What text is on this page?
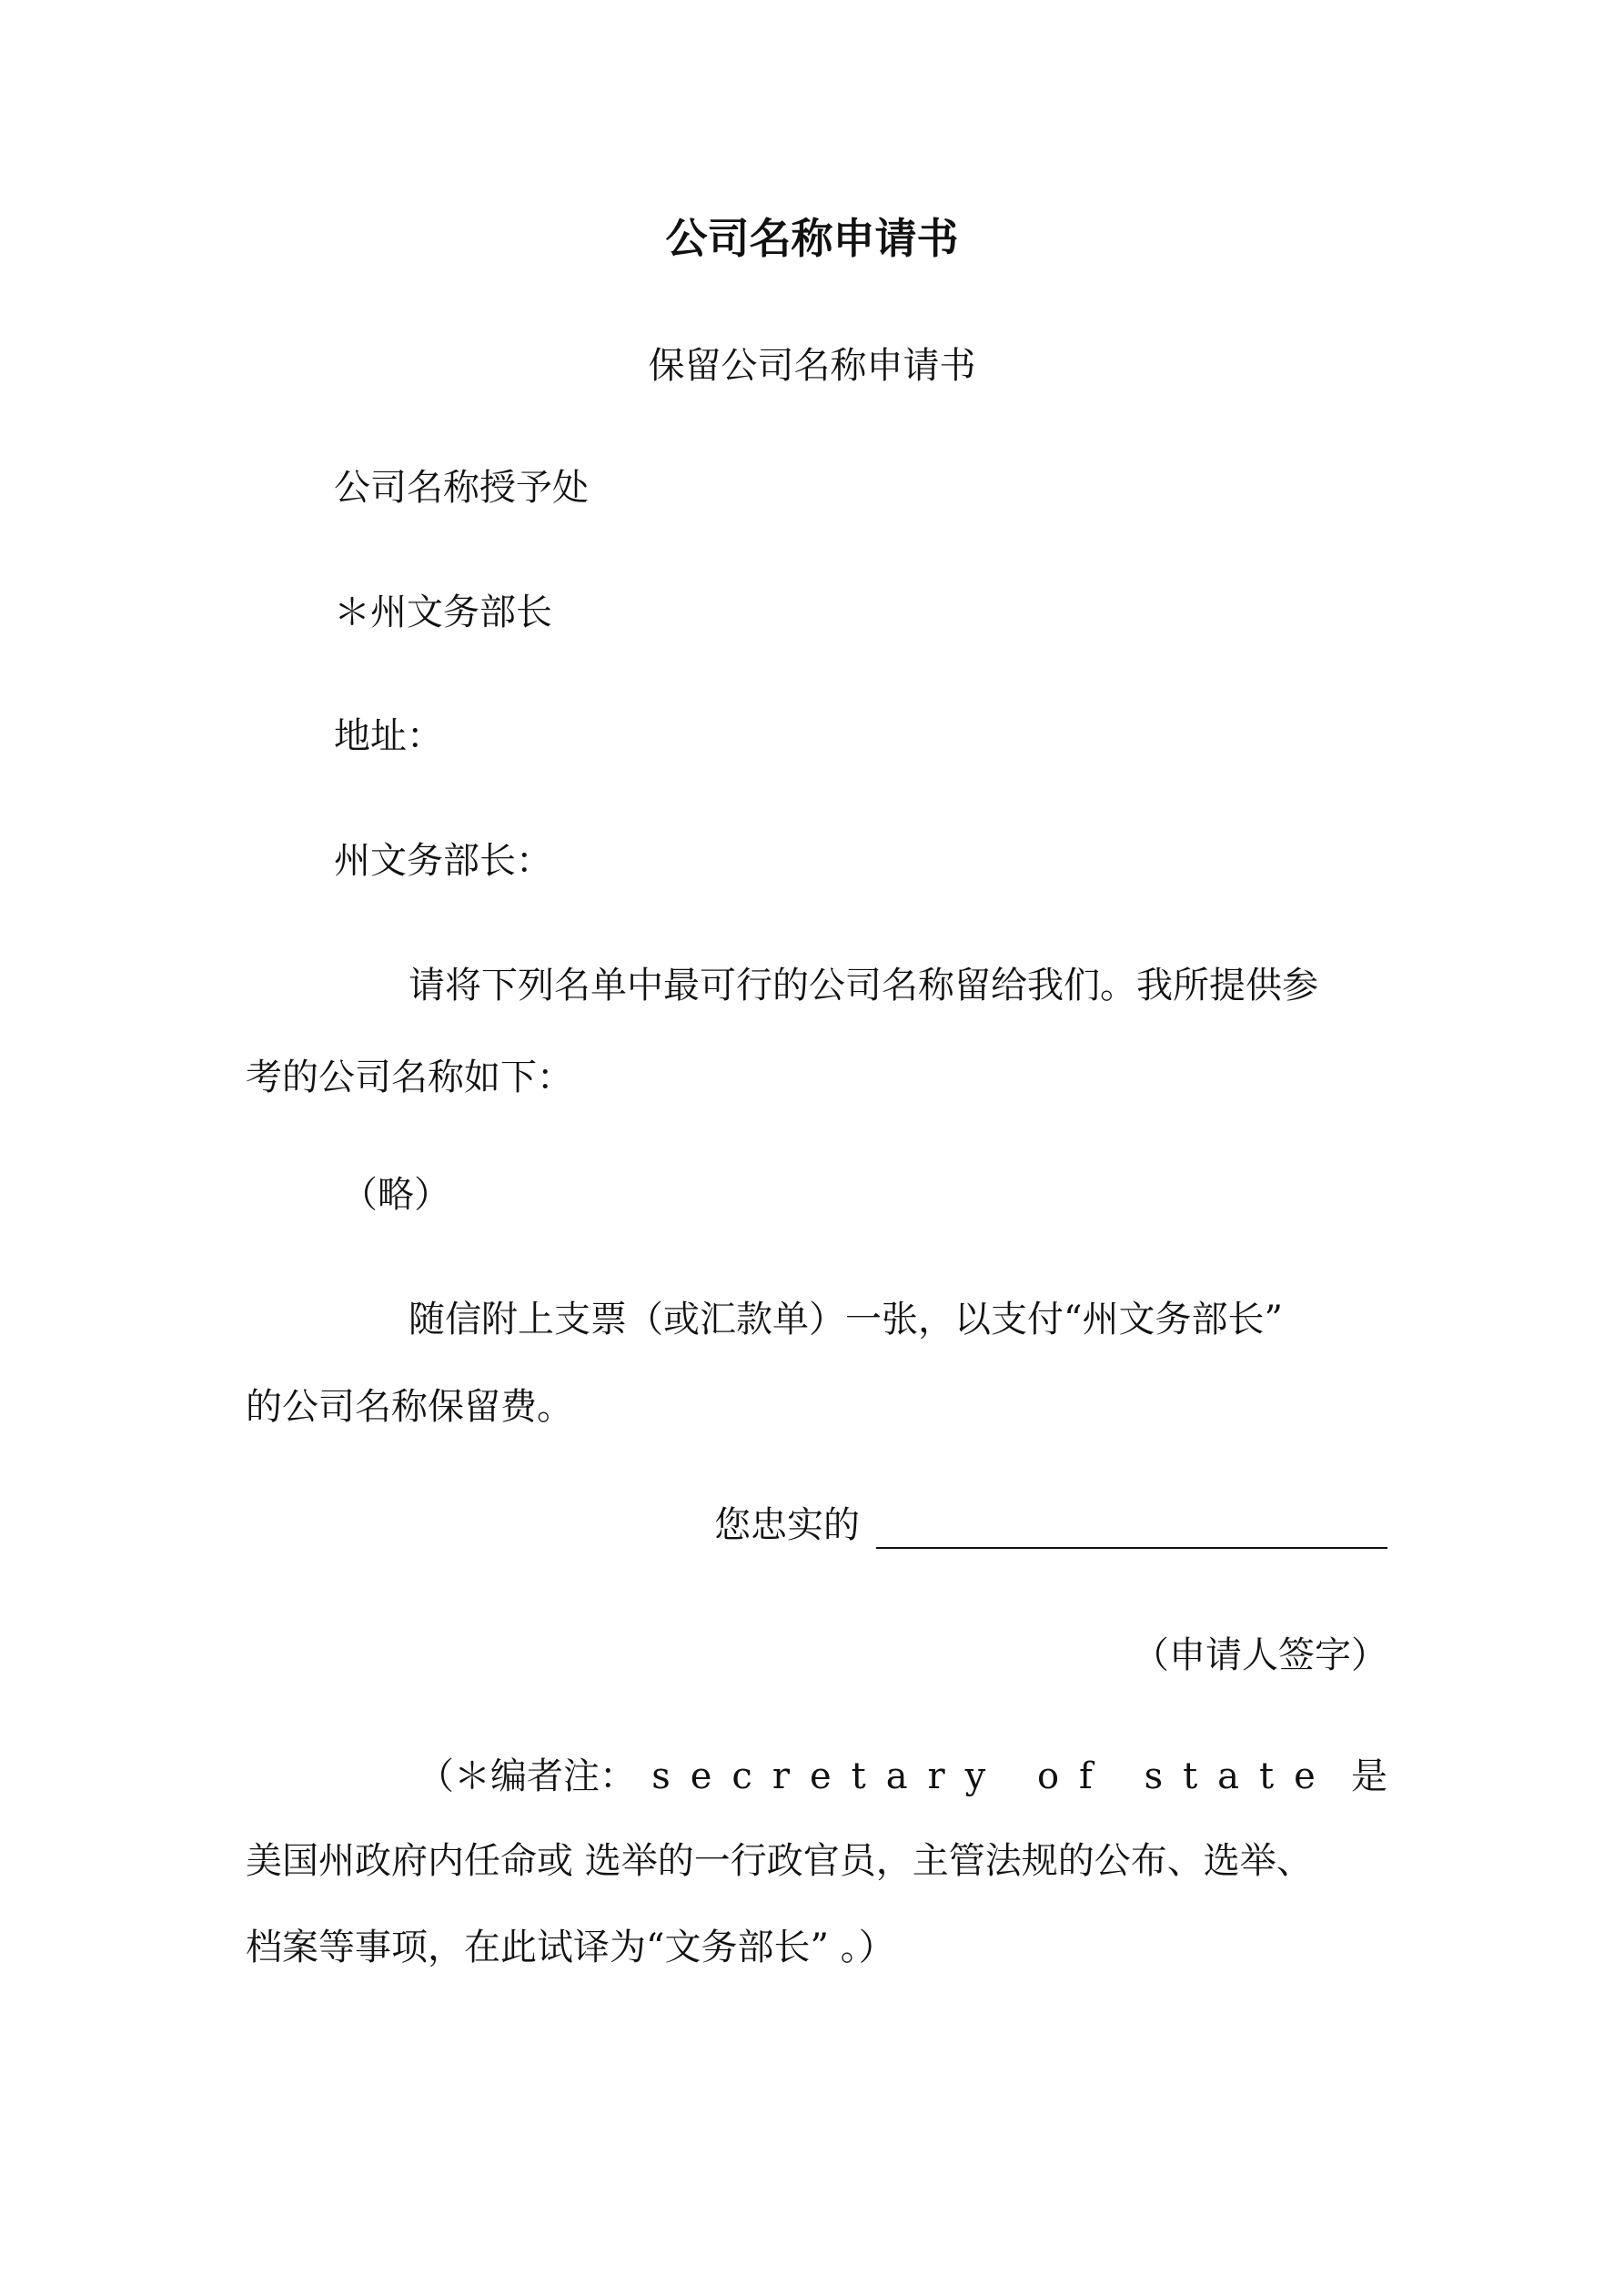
公司名称申请书
保留公司名称申请书
公司名称授予处
＊州文务部长
地址：
州文务部长：
请将下列名单中最可行的公司名称留给我们。我所提供参
考的公司名称如下：
（略）
随信附上支票（或汇款单）一张，以支付“州文务部长”
的公司名称保留费。
您忠实的
（申请人签字）
（＊编者注： secretary of state 是
美国州政府内任命或 选举的一行政官员，主管法规的公布、选举、
档案等事项，在此试译为“文务部长” 。）
